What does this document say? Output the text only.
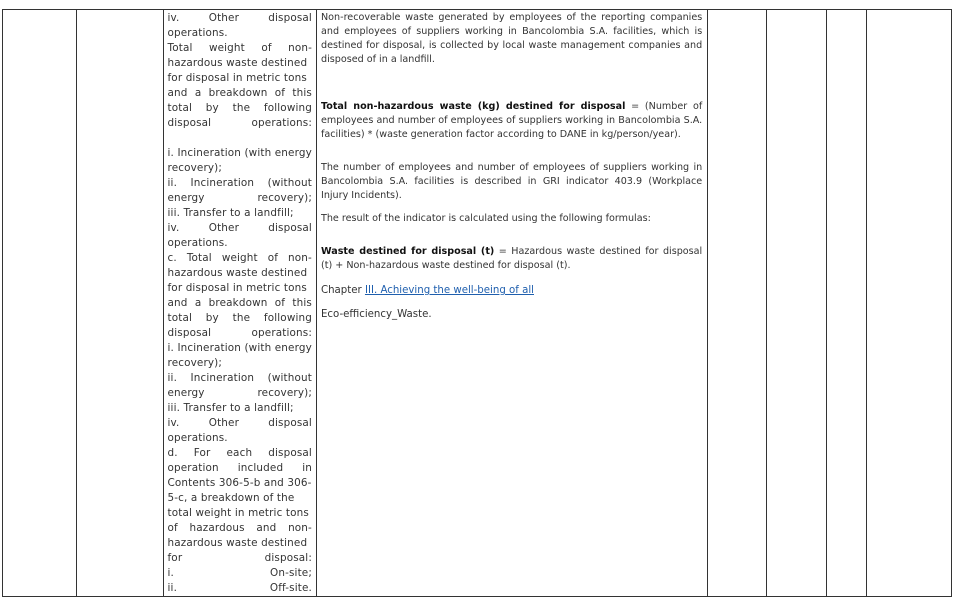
iv.	Other	disposal
operations.
Total weight of non-
hazardous waste destined
for disposal in metric tons
and a breakdown of this
total by the following
disposal	operations:
i. Incineration (with energy
recovery);
ii. Incineration (without
energy	recovery);
iii. Transfer to a landfill;
iv.	Other	disposal
operations.
c. Total weight of non-
hazardous waste destined
for disposal in metric tons
and a breakdown of this
total by the following
disposal	operations:
i. Incineration (with energy
recovery);
ii. Incineration (without
energy	recovery);
iii. Transfer to a landfill;
iv.	Other	disposal
operations.
d. For each disposal
operation included in
Contents 306-5-b and 306-
5-c, a breakdown of the
total weight in metric tons
of hazardous and non-
hazardous waste destined
for	disposal:
i.	On-site;
ii.	Off-site.

Non-recoverable waste generated by employees of the reporting companies and employees of suppliers working in Bancolombia S.A. facilities, which is destined for disposal, is collected by local waste management companies and disposed of in a landfill.

Total non-hazardous waste (kg) destined for disposal = (Number of employees and number of employees of suppliers working in Bancolombia S.A. facilities) * (waste generation factor according to DANE in kg/person/year).

The number of employees and number of employees of suppliers working in Bancolombia S.A. facilities is described in GRI indicator 403.9 (Workplace Injury Incidents).

The result of the indicator is calculated using the following formulas:

Waste destined for disposal (t) = Hazardous waste destined for disposal (t) + Non-hazardous waste destined for disposal (t).

Chapter III. Achieving the well-being of all

Eco-efficiency_Waste.
